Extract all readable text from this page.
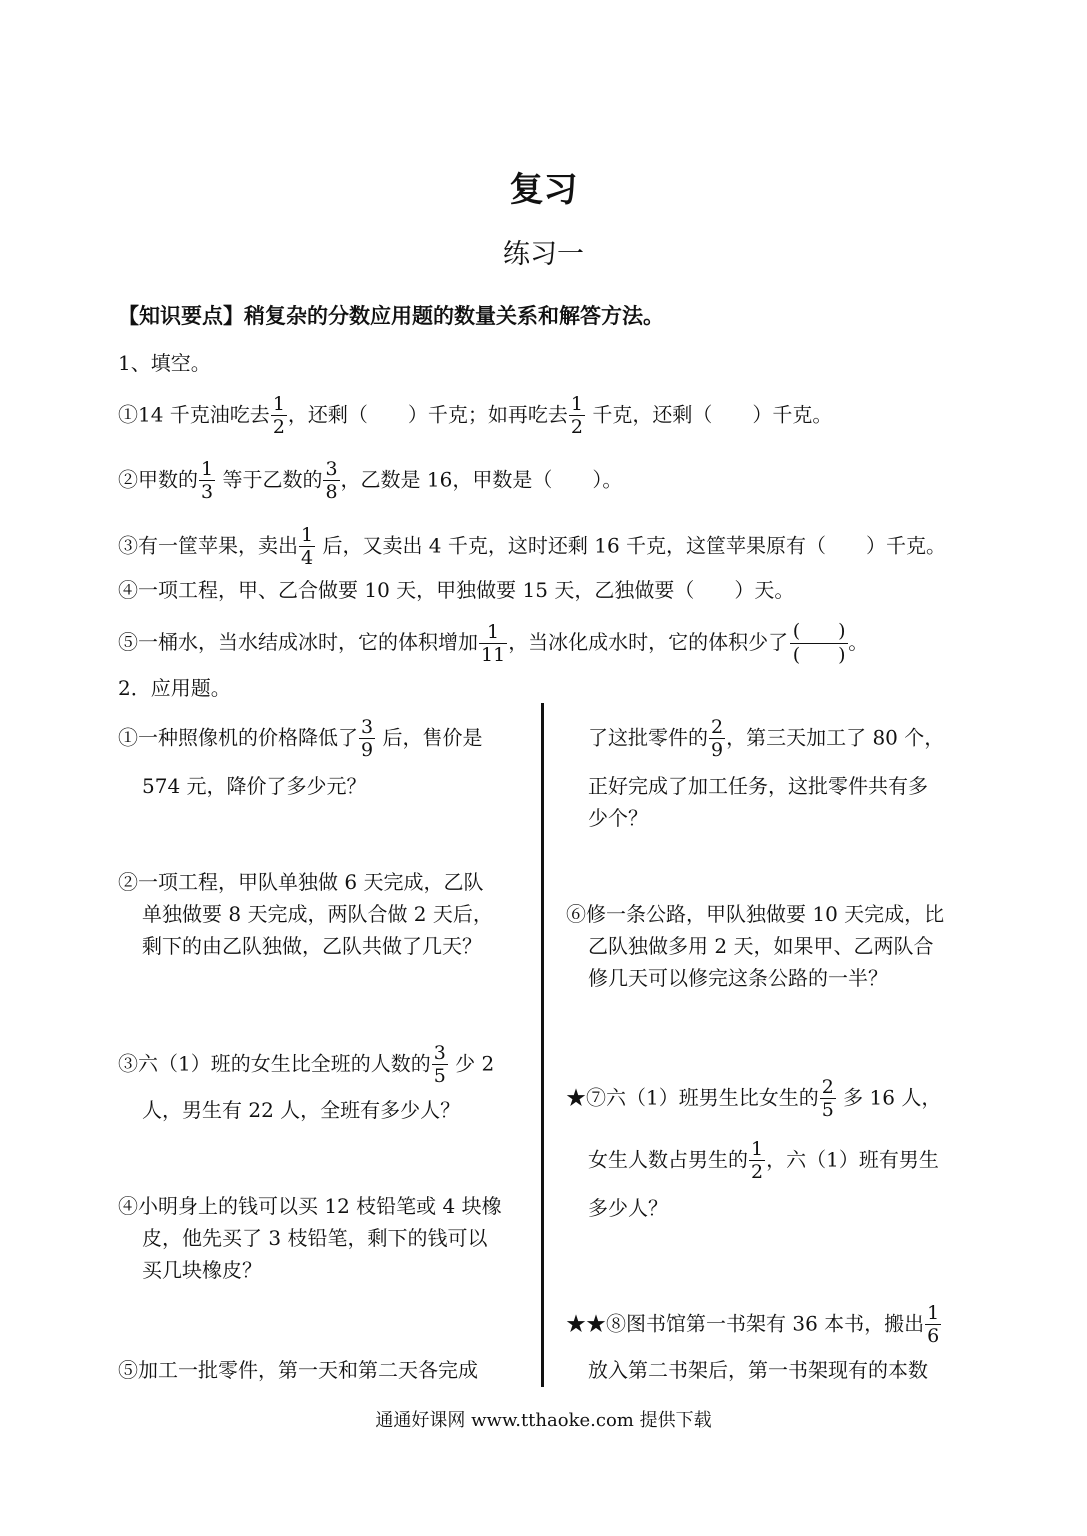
复习
练习一
【知识要点】稍复杂的分数应用题的数量关系和解答方法。
1、填空。
①14 千克油吃去 $\frac{1}{2}$ ，还剩（　　）千克；如再吃去 $\frac{1}{2}$ 千克，还剩（　　）千克。
②甲数的 $\frac{1}{3}$ 等于乙数的 $\frac{3}{8}$ ，乙数是 16，甲数是（　　）。
③有一筐苹果，卖出 $\frac{1}{4}$ 后，又卖出 4 千克，这时还剩 16 千克，这筐苹果原有（　　）千克。
④一项工程，甲、乙合做要 10 天，甲独做要 15 天，乙独做要（　　）天。
⑤一桶水，当水结成冰时，它的体积增加 $\frac{1}{11}$ ，当冰化成水时，它的体积少了 (　　)
(　　)
。
2．应用题。
①一种照像机的价格降低了 $\frac{3}{9}$ 后，售价是
574 元，降价了多少元？
②一项工程，甲队单独做 6 天完成，乙队
单独做要 8 天完成，两队合做 2 天后，
剩下的由乙队独做，乙队共做了几天？
③六（1）班的女生比全班的人数的 $\frac{3}{5}$ 少 2
人，男生有 22 人，全班有多少人？
④小明身上的钱可以买 12 枝铅笔或 4 块橡
皮，他先买了 3 枝铅笔，剩下的钱可以
买几块橡皮？
⑤加工一批零件，第一天和第二天各完成
了这批零件的 $\frac{2}{9}$ ，第三天加工了 80 个，
正好完成了加工任务，这批零件共有多
少个？
⑥修一条公路，甲队独做要 10 天完成，比
乙队独做多用 2 天，如果甲、乙两队合
修几天可以修完这条公路的一半？
★⑦六（1）班男生比女生的 $\frac{2}{5}$ 多 16 人，
女生人数占男生的 $\frac{1}{2}$ ，六（1）班有男生
多少人？
★★⑧图书馆第一书架有 36 本书，搬出 $\frac{1}{6}$
放入第二书架后，第一书架现有的本数
通通好课网 www.tthaoke.com 提供下载
